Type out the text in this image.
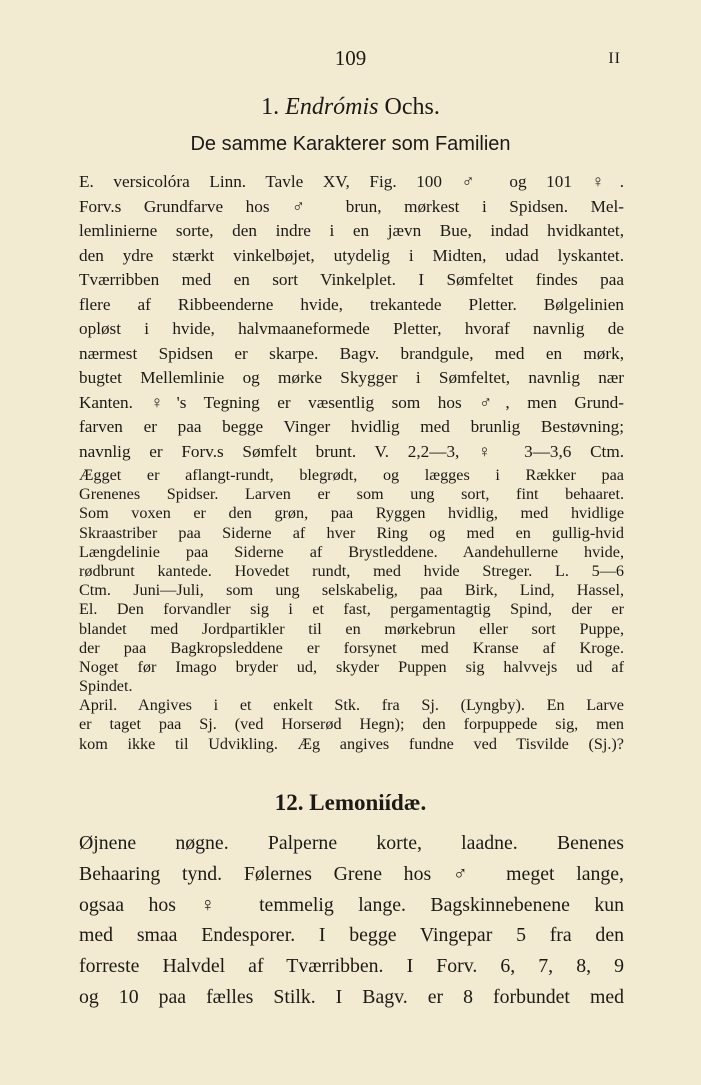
109	II
1. Endrómis Ochs.
De samme Karakterer som Familien
E. versicolóra Linn. Tavle XV, Fig. 100 ♂ og 101 ♀.
Forv.s Grundfarve hos ♂ brun, mørkest i Spidsen. Mel-
lemlinierne sorte, den indre i en jævn Bue, indad hvidkantet,
den ydre stærkt vinkelbøjet, utydelig i Midten, udad lyskantet.
Tværribben med en sort Vinkelplet. I Sømfeltet findes paa
flere af Ribbeenderne hvide, trekantede Pletter. Bølgelinien
opløst i hvide, halvmaaneformede Pletter, hvoraf navnlig de
nærmest Spidsen er skarpe. Bagv. brandgule, med en mørk,
bugtet Mellemlinie og mørke Skygger i Sømfeltet, navnlig nær
Kanten. ♀'s Tegning er væsentlig som hos ♂, men Grund-
farven er paa begge Vinger hvidlig med brunlig Bestøvning;
navnlig er Forv.s Sømfelt brunt. V. 2,2—3, ♀ 3—3,6 Ctm.
Ægget er aflangt-rundt, blegrødt, og lægges i Rækker paa
Grenenes Spidser. Larven er som ung sort, fint behaaret.
Som voxen er den grøn, paa Ryggen hvidlig, med hvidlige
Skraastriber paa Siderne af hver Ring og med en gullig-hvid
Længdelinie paa Siderne af Brystleddene. Aandehullerne hvide,
rødbrunt kantede. Hovedet rundt, med hvide Streger. L. 5—6
Ctm. Juni—Juli, som ung selskabelig, paa Birk, Lind, Hassel,
El. Den forvandler sig i et fast, pergamentagtig Spind, der er
blandet med Jordpartikler til en mørkebrun eller sort Puppe,
der paa Bagkropsleddene er forsynet med Kranse af Kroge.
Noget før Imago bryder ud, skyder Puppen sig halvvejs ud af
Spindet.
April. Angives i et enkelt Stk. fra Sj. (Lyngby). En Larve
er taget paa Sj. (ved Horserød Hegn); den forpuppede sig, men
kom ikke til Udvikling. Æg angives fundne ved Tisvilde (Sj.)?
12. Lemoniídæ.
Øjnene nøgne. Palperne korte, laadne. Benenes
Behaaring tynd. Følernes Grene hos ♂ meget lange,
ogsaa hos ♀ temmelig lange. Bagskinnebenene kun
med smaa Endesporer. I begge Vingepar 5 fra den
forreste Halvdel af Tværribben. I Forv. 6, 7, 8, 9
og 10 paa fælles Stilk. I Bagv. er 8 forbundet med
